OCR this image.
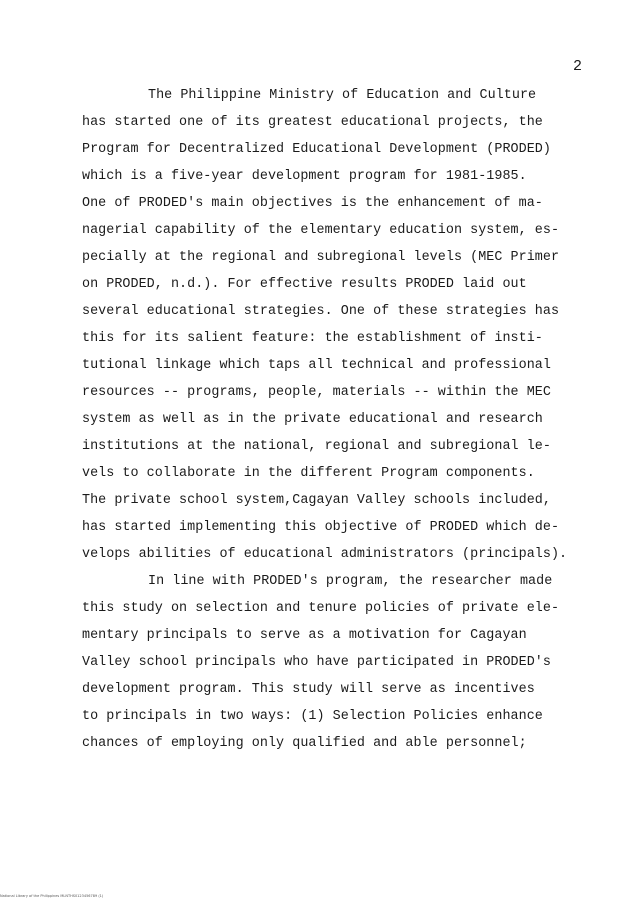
2
The Philippine Ministry of Education and Culture
has started one of its greatest educational projects, the
Program for Decentralized Educational Development (PRODED)
which is a five-year development program for 1981-1985.
One of PRODED's main objectives is the enhancement of ma-
nagerial capability of the elementary education system, es-
pecially at the regional and subregional levels (MEC Primer
on PRODED, n.d.). For effective results PRODED laid out
several educational strategies. One of these strategies has
this for its salient feature: the establishment of insti-
tutional linkage which taps all technical and professional
resources -- programs, people, materials -- within the MEC
system as well as in the private educational and research
institutions at the national, regional and subregional le-
vels to collaborate in the different Program components.
The private school system,Cagayan Valley schools included,
has started implementing this objective of PRODED which de-
velops abilities of educational administrators (principals).
In line with PRODED's program, the researcher made
this study on selection and tenure policies of private ele-
mentary principals to serve as a motivation for Cagayan
Valley school principals who have participated in PRODED's
development program. This study will serve as incentives
to principals in two ways: (1) Selection Policies enhance
chances of employing only qualified and able personnel;
National Library of the Philippines MLNTHS0123456789 (1)
